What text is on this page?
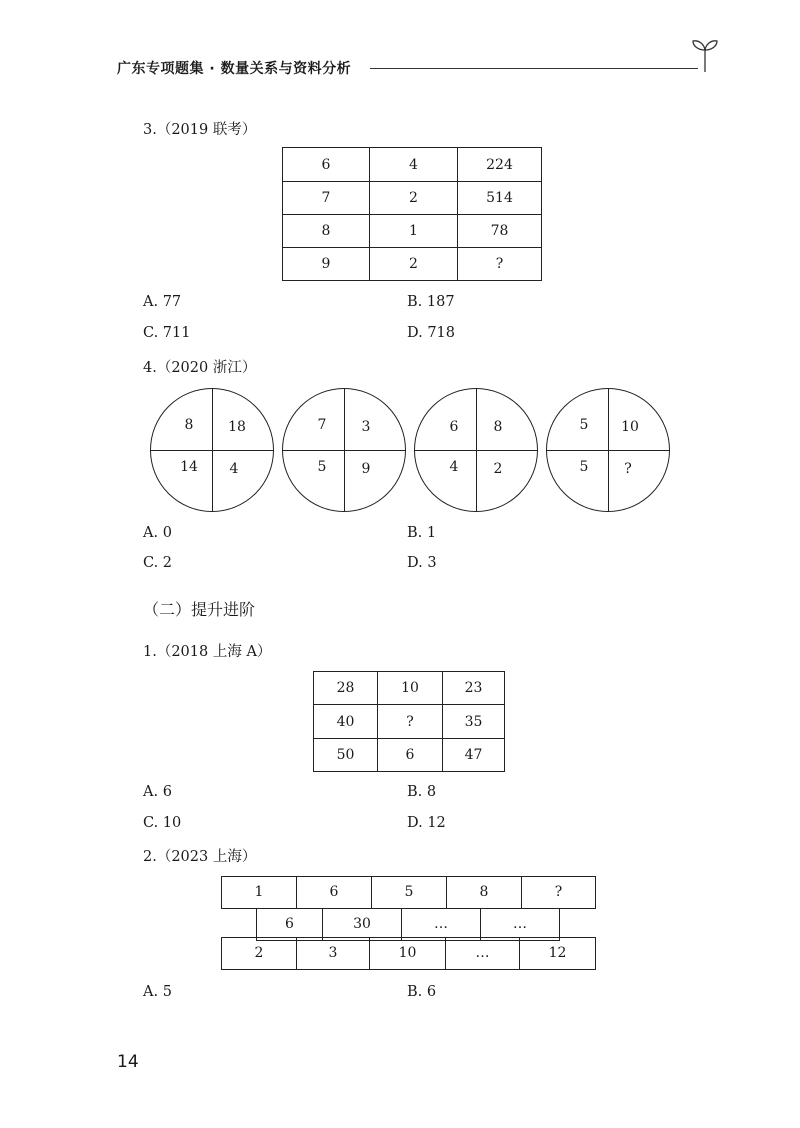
广东专项题集 · 数量关系与资料分析
3.（2019 联考）
6	4	224
7	2	514
8	1	78
9	2	?
A. 77	B. 187
C. 711	D. 718
4.（2020 浙江）
8	18
14	4
7	3
5	9
6	8
4	2
5	10
5	?
A. 0	B. 1
C. 2	D. 3
（二）提升进阶
1.（2018 上海 A）
28	10	23
40	?	35
50	6	47
A. 6	B. 8
C. 10	D. 12
2.（2023 上海）
1	6	5	8	?
6	30	…	…
2	3	10	…	12
A. 5	B. 6
14
